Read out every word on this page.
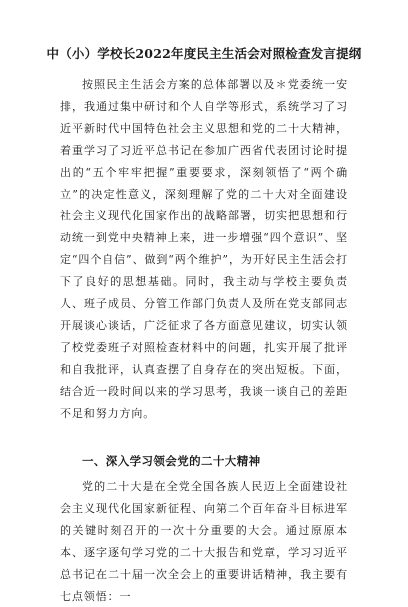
中（小）学校长2022年度民主生活会对照检查发言提纲

按照民主生活会方案的总体部署以及＊党委统一安排，我通过集中研讨和个人自学等形式，系统学习了习近平新时代中国特色社会主义思想和党的二十大精神，着重学习了习近平总书记在参加广西省代表团讨论时提出的“五个牢牢把握”重要要求，深刻领悟了“两个确立”的决定性意义，深刻理解了党的二十大对全面建设社会主义现代化国家作出的战略部署，切实把思想和行动统一到党中央精神上来，进一步增强“四个意识”、坚定“四个自信”、做到“两个维护”，为开好民主生活会打下了良好的思想基础。同时，我主动与学校主要负责人、班子成员、分管工作部门负责人及所在党支部同志开展谈心谈话，广泛征求了各方面意见建议，切实认领了校党委班子对照检查材料中的问题，扎实开展了批评和自我批评，认真查摆了自身存在的突出短板。下面，结合近一段时间以来的学习思考，我谈一谈自己的差距不足和努力方向。

一、深入学习领会党的二十大精神

党的二十大是在全党全国各族人民迈上全面建设社会主义现代化国家新征程、向第二个百年奋斗目标进军的关键时刻召开的一次十分重要的大会。通过原原本本、逐字逐句学习党的二十大报告和党章，学习习近平总书记在二十届一次全会上的重要讲话精神，我主要有七点领悟：一
